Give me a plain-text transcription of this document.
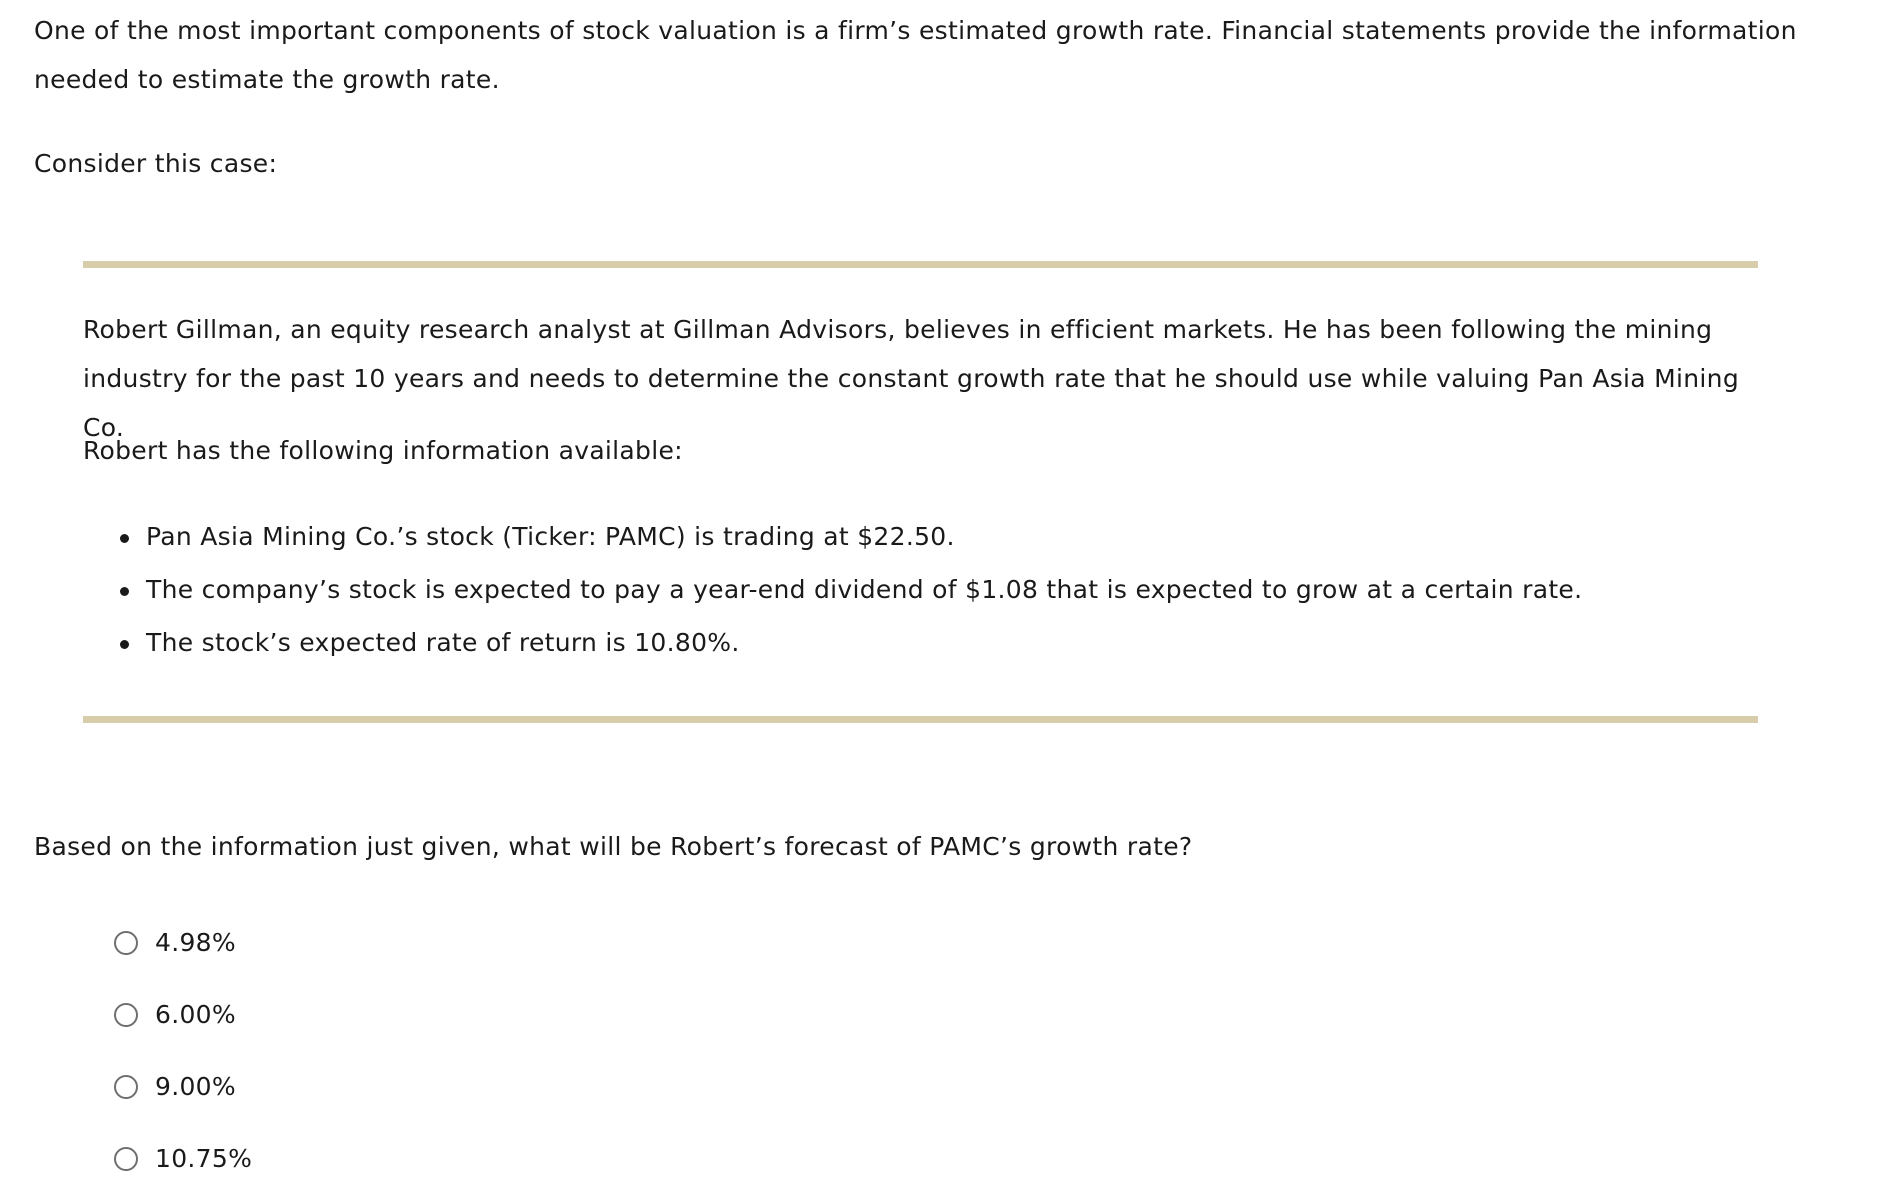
One of the most important components of stock valuation is a firm’s estimated growth rate. Financial statements provide the information needed to estimate the growth rate.

Consider this case:

Robert Gillman, an equity research analyst at Gillman Advisors, believes in efficient markets. He has been following the mining industry for the past 10 years and needs to determine the constant growth rate that he should use while valuing Pan Asia Mining Co.

Robert has the following information available:

Pan Asia Mining Co.’s stock (Ticker: PAMC) is trading at $22.50.
The company’s stock is expected to pay a year-end dividend of $1.08 that is expected to grow at a certain rate.
The stock’s expected rate of return is 10.80%.

Based on the information just given, what will be Robert’s forecast of PAMC’s growth rate?

4.98%
6.00%
9.00%
10.75%
